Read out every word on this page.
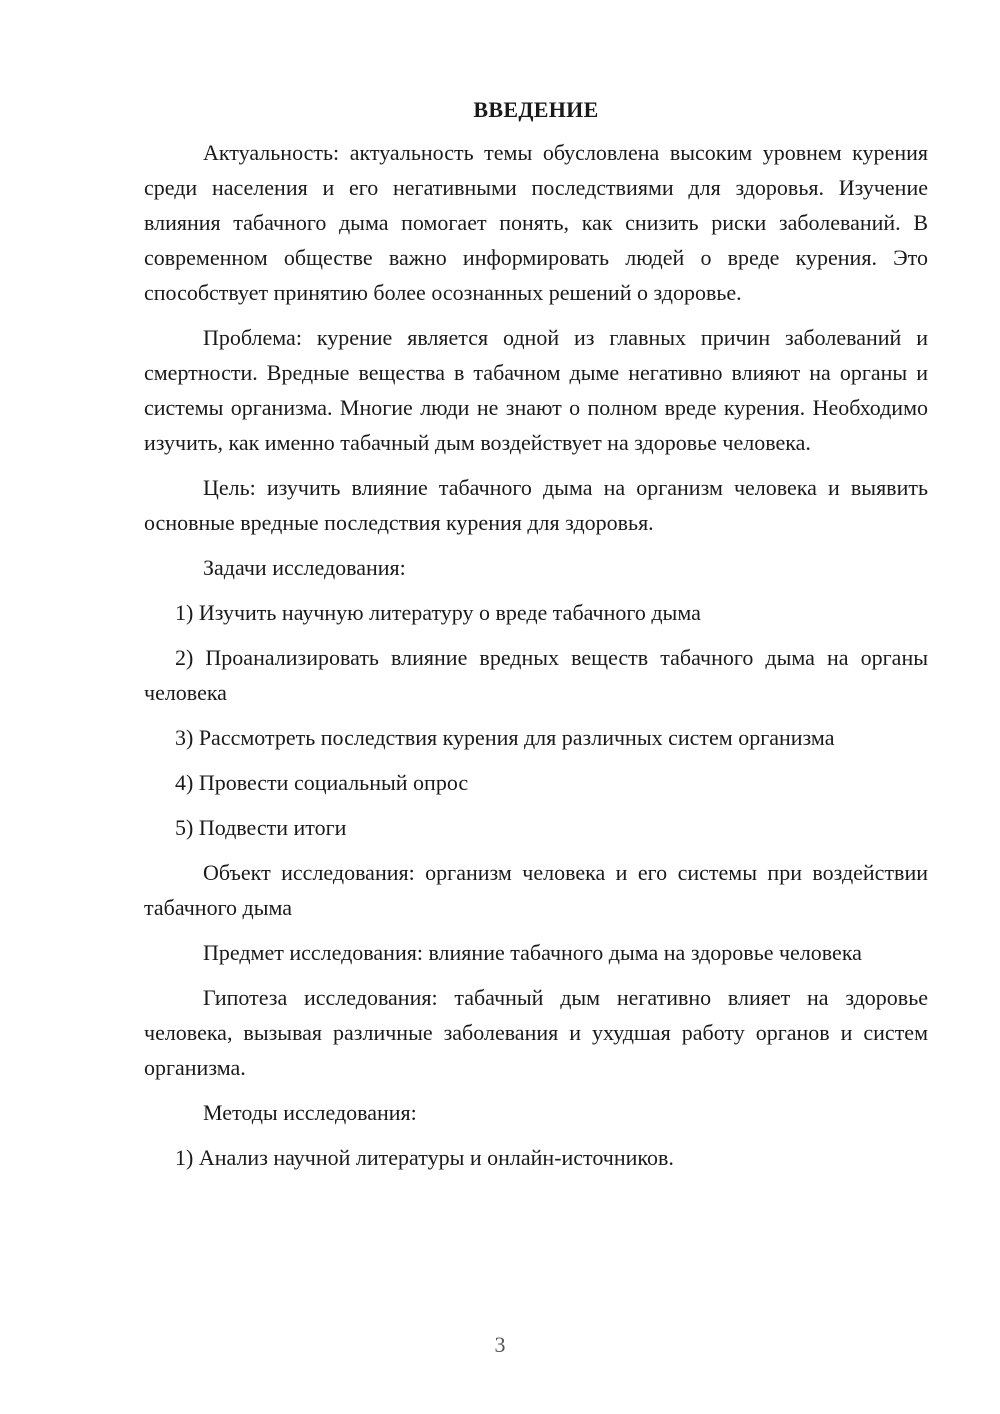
ВВЕДЕНИЕ

Актуальность: актуальность темы обусловлена высоким уровнем курения среди населения и его негативными последствиями для здоровья. Изучение влияния табачного дыма помогает понять, как снизить риски заболеваний. В современном обществе важно информировать людей о вреде курения. Это способствует принятию более осознанных решений о здоровье.

Проблема: курение является одной из главных причин заболеваний и смертности. Вредные вещества в табачном дыме негативно влияют на органы и системы организма. Многие люди не знают о полном вреде курения. Необходимо изучить, как именно табачный дым воздействует на здоровье человека.

Цель: изучить влияние табачного дыма на организм человека и выявить основные вредные последствия курения для здоровья.

Задачи исследования:

1) Изучить научную литературу о вреде табачного дыма

2) Проанализировать влияние вредных веществ табачного дыма на органы человека

3) Рассмотреть последствия курения для различных систем организма

4) Провести социальный опрос

5) Подвести итоги

Объект исследования: организм человека и его системы при воздействии табачного дыма

Предмет исследования: влияние табачного дыма на здоровье человека

Гипотеза исследования: табачный дым негативно влияет на здоровье человека, вызывая различные заболевания и ухудшая работу органов и систем организма.

Методы исследования:

1) Анализ научной литературы и онлайн-источников.

3
